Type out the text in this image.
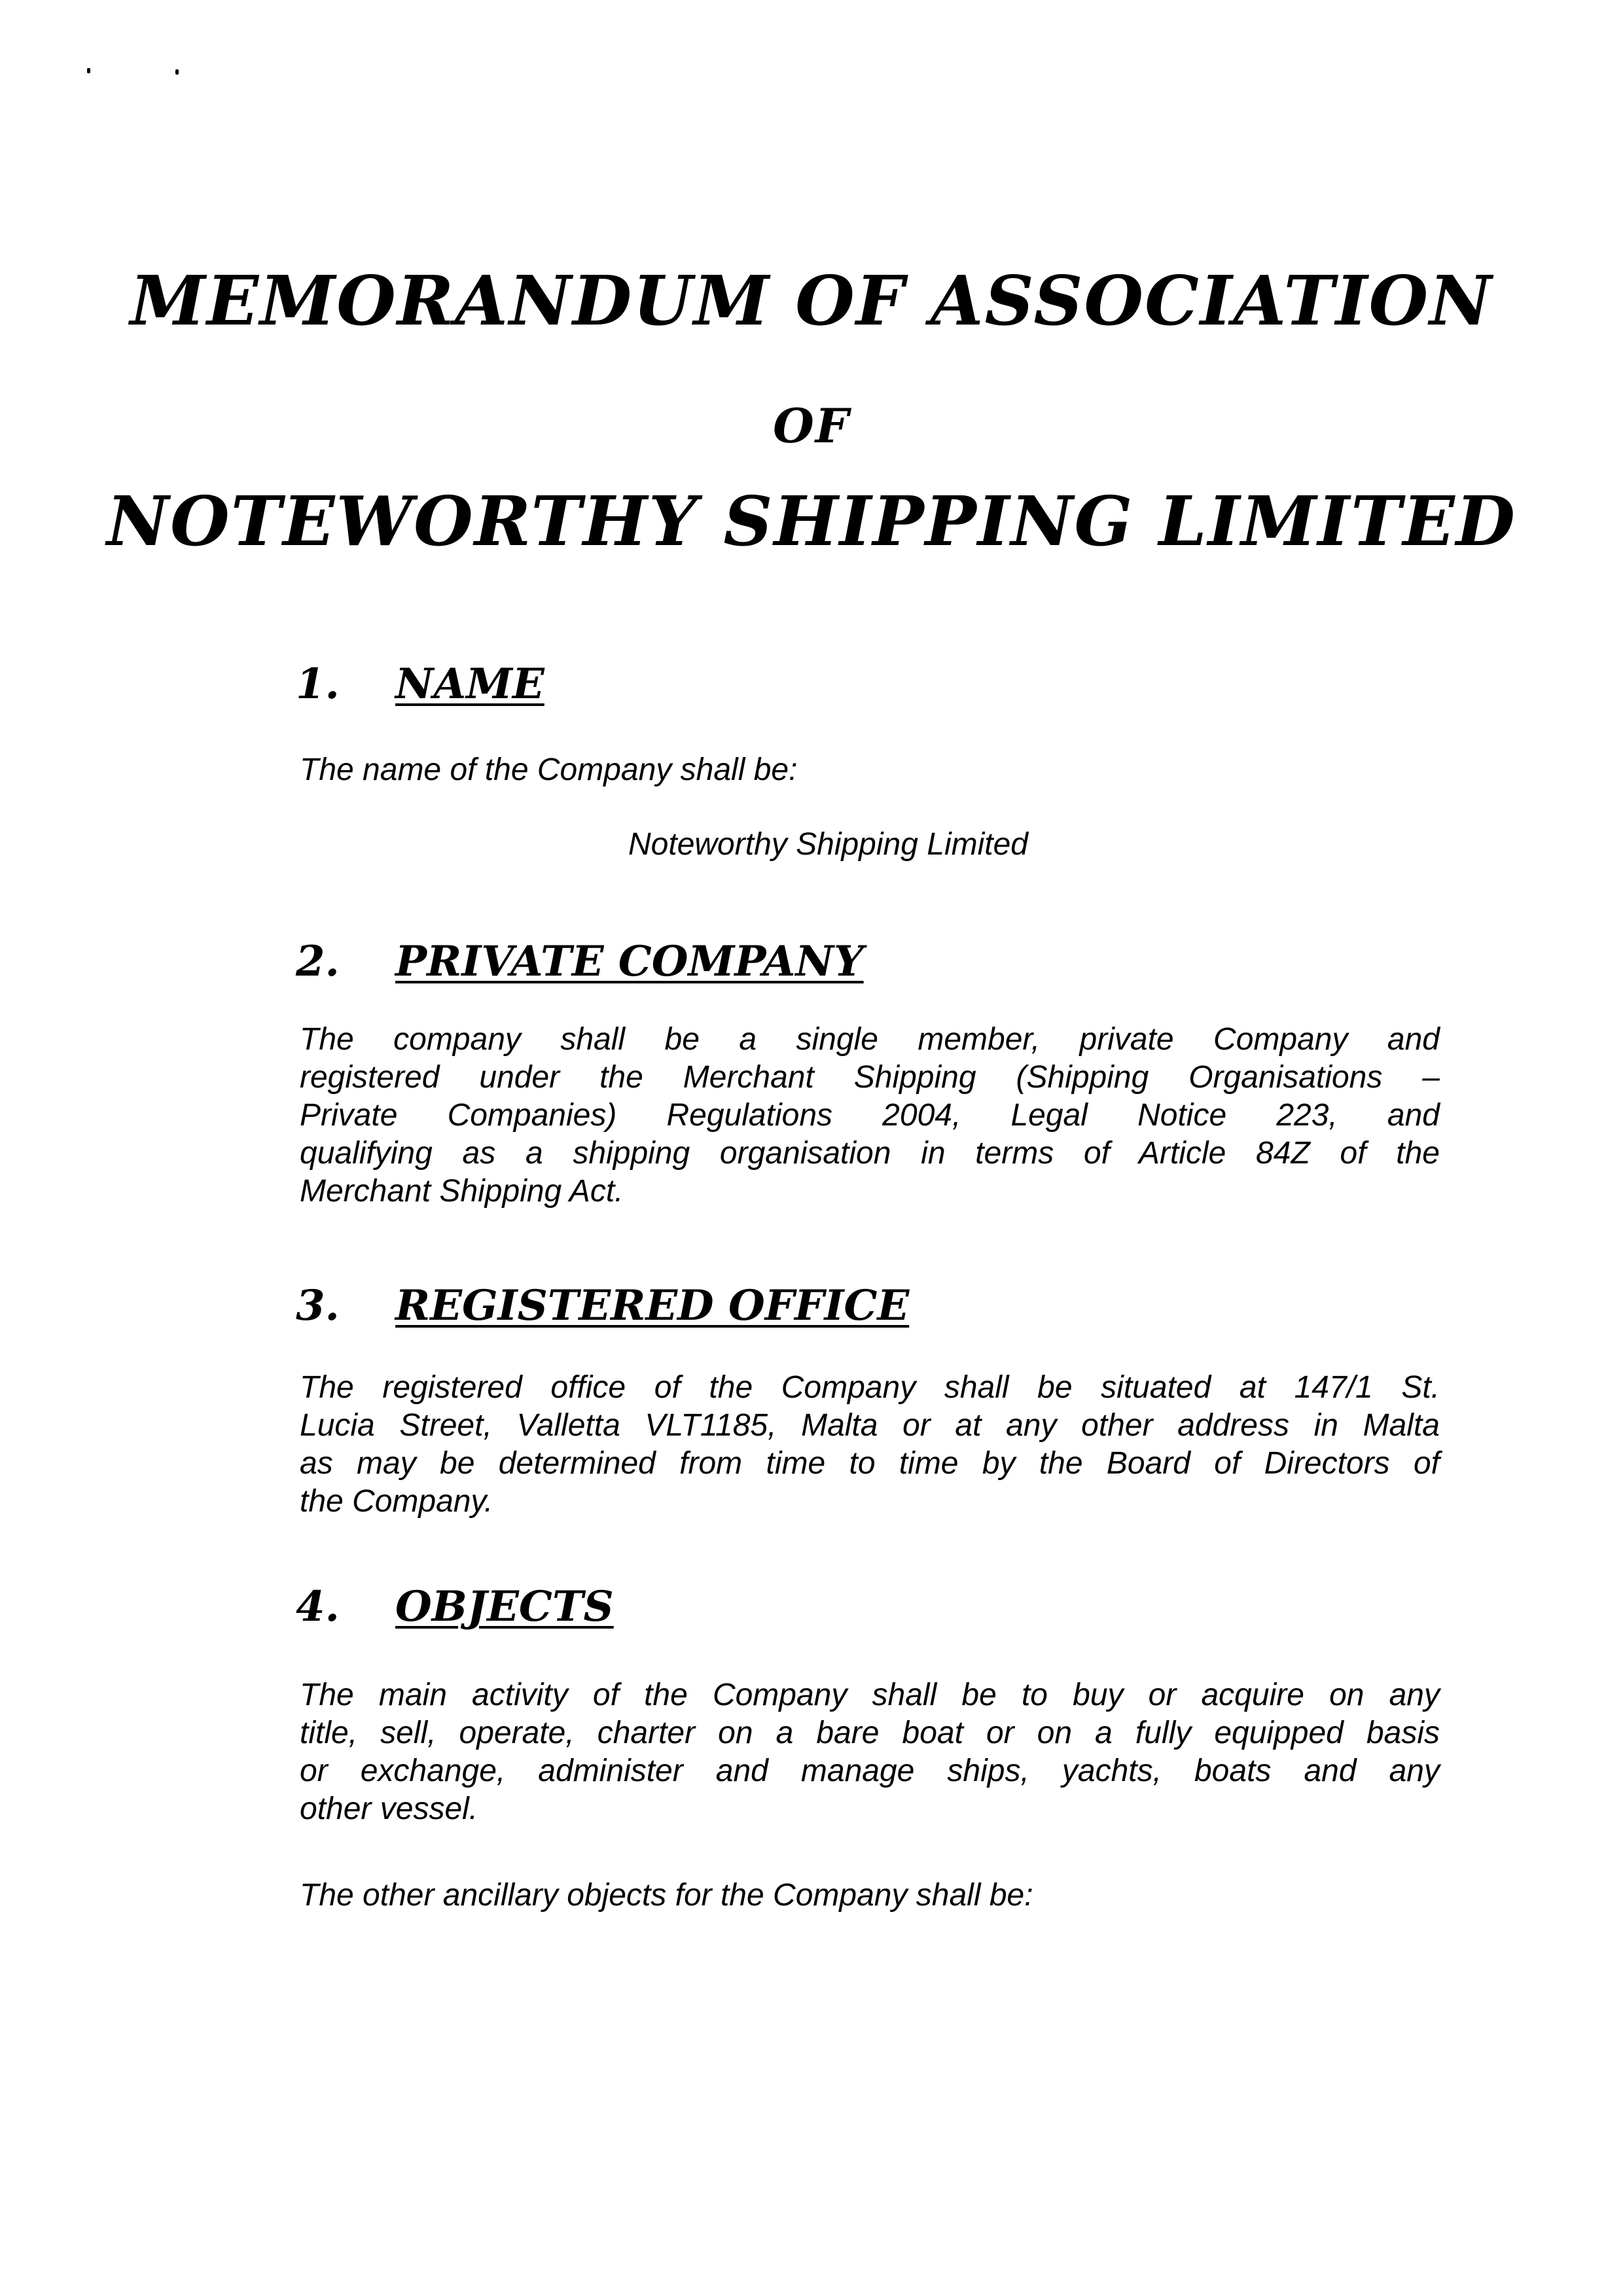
MEMORANDUM OF ASSOCIATION
OF
NOTEWORTHY SHIPPING LIMITED
1. NAME
The name of the Company shall be:
Noteworthy Shipping Limited
2. PRIVATE COMPANY
The company shall be a single member, private Company and
registered under the Merchant Shipping (Shipping Organisations –
Private Companies) Regulations 2004, Legal Notice 223, and
qualifying as a shipping organisation in terms of Article 84Z of the
Merchant Shipping Act.
3. REGISTERED OFFICE
The registered office of the Company shall be situated at 147/1 St.
Lucia Street, Valletta VLT1185, Malta or at any other address in Malta
as may be determined from time to time by the Board of Directors of
the Company.
4. OBJECTS
The main activity of the Company shall be to buy or acquire on any
title, sell, operate, charter on a bare boat or on a fully equipped basis
or exchange, administer and manage ships, yachts, boats and any
other vessel.
The other ancillary objects for the Company shall be:
